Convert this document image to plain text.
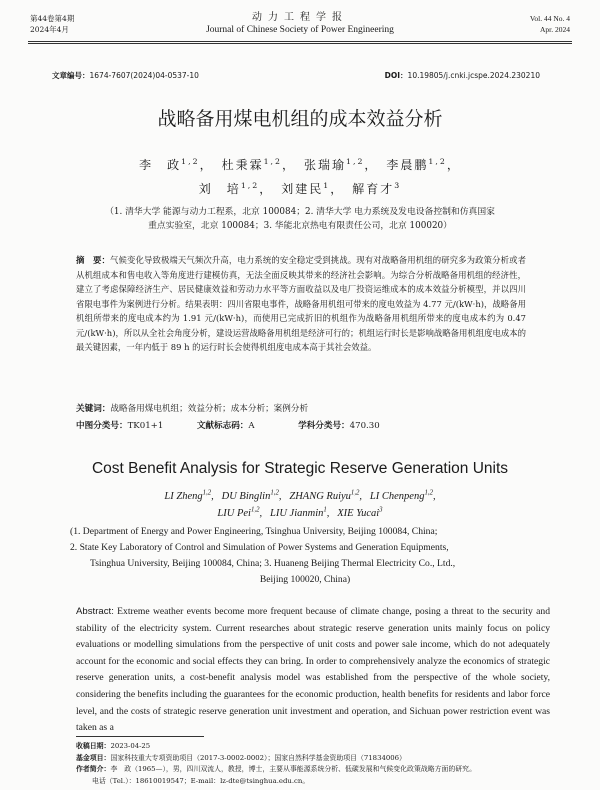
第44卷第4期
2024年4月
动力工程学报
Journal of Chinese Society of Power Engineering
Vol. 44 No. 4
Apr. 2024
文章编号：1674-7607(2024)04-0537-10	DOI：10.19805/j.cnki.jcspe.2024.230210
战略备用煤电机组的成本效益分析
李　政$^{1,2}$，　杜秉霖$^{1,2}$，　张瑞瑜$^{1,2}$，　李晨鹏$^{1,2}$，
刘　培$^{1,2}$，　刘建民$^1$，　解育才$^3$
（1. 清华大学 能源与动力工程系，北京 100084；2. 清华大学 电力系统及发电设备控制和仿真国家
重点实验室，北京 100084；3. 华能北京热电有限责任公司，北京 100020）
摘　要：气候变化导致极端天气频次升高，电力系统的安全稳定受到挑战。现有对战略备用机组的研究多为政策分析或者从机组成本和售电收入等角度进行建模仿真，无法全面反映其带来的经济社会影响。为综合分析战略备用机组的经济性，建立了考虑保障经济生产、居民健康效益和劳动力水平等方面收益以及电厂投资运维成本的成本效益分析模型，并以四川省限电事件为案例进行分析。结果表明：四川省限电事件，战略备用机组可带来的度电效益为 4.77 元/(kW·h)，战略备用机组所带来的度电成本约为 1.91 元/(kW·h)，而使用已完成折旧的机组作为战略备用机组所带来的度电成本约为 0.47 元/(kW·h)，所以从全社会角度分析，建设运营战略备用机组是经济可行的；机组运行时长是影响战略备用机组度电成本的最关键因素，一年内低于 89 h 的运行时长会使得机组度电成本高于其社会效益。
关键词：战略备用煤电机组；效益分析；成本分析；案例分析
中图分类号：TK01+1	文献标志码：A	学科分类号：470.30
Cost Benefit Analysis for Strategic Reserve Generation Units
LI Zheng$^{1,2}$,   DU Binglin$^{1,2}$,   ZHANG Ruiyu$^{1,2}$,   LI Chenpeng$^{1,2}$,
LIU Pei$^{1,2}$,   LIU Jianmin$^1$,   XIE Yucai$^3$
(1. Department of Energy and Power Engineering, Tsinghua University, Beijing 100084, China;
2. State Key Laboratory of Control and Simulation of Power Systems and Generation Equipments,
Tsinghua University, Beijing 100084, China; 3. Huaneng Beijing Thermal Electricity Co., Ltd.,
Beijing 100020, China)
Abstract: Extreme weather events become more frequent because of climate change, posing a threat to the security and stability of the electricity system. Current researches about strategic reserve generation units mainly focus on policy evaluations or modelling simulations from the perspective of unit costs and power sale income, which do not adequately account for the economic and social effects they can bring. In order to comprehensively analyze the economics of strategic reserve generation units, a cost-benefit analysis model was established from the perspective of the whole society, considering the benefits including the guarantees for the economic production, health benefits for residents and labor force level, and the costs of strategic reserve generation unit investment and operation, and Sichuan power restriction event was taken as a
收稿日期：2023-04-25
基金项目：国家科技重大专项资助项目（2017-3-0002-0002）；国家自然科学基金资助项目（71834006）
作者简介：李　政（1965—），男，四川双流人，教授，博士，主要从事能源系统分析、低碳发展和气候变化政策战略方面的研究。
电话（Tel.）：18610019547；E-mail：lz-dte@tsinghua.edu.cn。
